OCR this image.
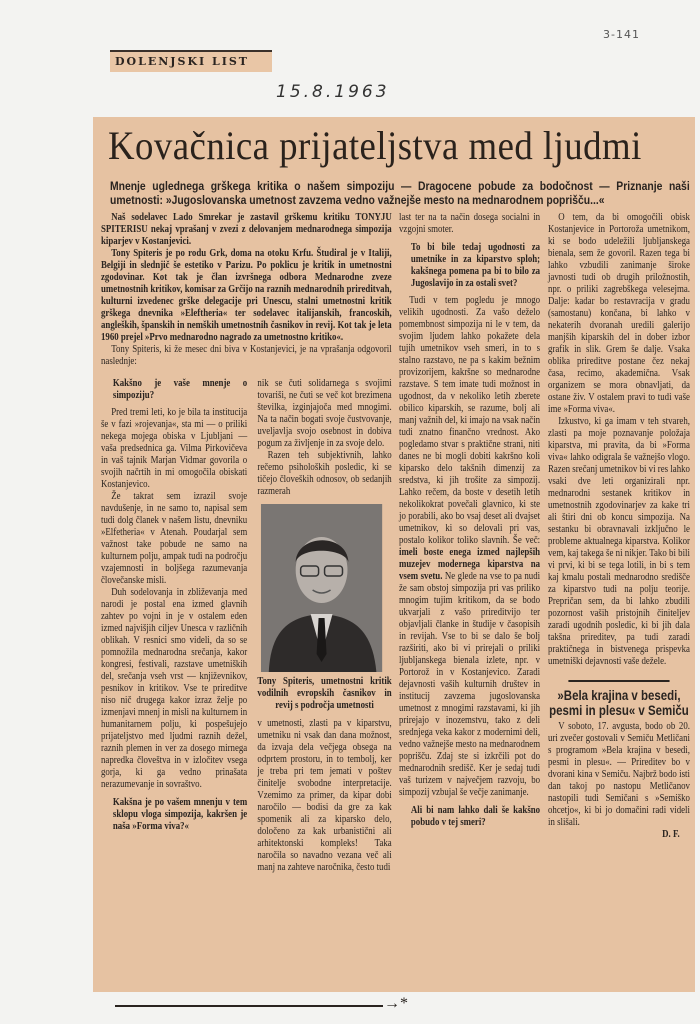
3-141
DOLENJSKI LIST
15.8.1963
Kovačnica prijateljstva med ljudmi
Mnenje uglednega grškega kritika o našem simpoziju — Dragocene pobude za bodočnost — Priznanje naši umetnosti: »Jugoslovanska umetnost zavzema vedno važnejše mesto na mednarodnem poprišču...«

Naš sodelavec Lado Smrekar je zastavil grškemu kritiku TONYJU SPITERISU nekaj vprašanj v zvezi z delovanjem mednarodnega simpozija kiparjev v Kostanjevici.

Tony Spiteris je po rodu Grk, doma na otoku Krfu. Študiral je v Italiji, Belgiji in slednjič še estetiko v Parizu. Po poklicu je kritik in umetnostni zgodovinar. Kot tak je član izvršnega odbora Mednarodne zveze umetnostnih kritikov, komisar za Grčijo na raznih mednarodnih prireditvah, kulturni izvedenec grške delegacije pri Unescu, stalni umetnostni kritik grškega dnevnika »Eleftheria« ter sodelavec italijanskih, francoskih, angleških, španskih in nemških umetnostnih časnikov in revij. Kot tak je leta 1960 prejel »Prvo mednarodno nagrado za umetnostno kritiko«.

Tony Spiteris, ki že mesec dni biva v Kostanjevici, je na vprašanja odgovoril naslednje:

Kakšno je vaše mnenje o simpoziju?

Pred tremi leti, ko je bila ta institucija še v fazi »rojevanja«, sta mi — o priliki nekega mojega obiska v Ljubljani — vaša predsednica ga. Vilma Pirkovičeva in vaš tajnik Marjan Vidmar govorila o svojih načrtih in mi omogočila obiskati Kostanjevico.

Že takrat sem izrazil svoje navdušenje, in ne samo to, napisal sem tudi dolg članek v našem listu, dnevniku »Elfetheria« v Atenah. Poudarjal sem važnost take pobude ne samo na kulturnem polju, ampak tudi na področju vzajemnosti in boljšega razumevanja človečanske misli.

Duh sodelovanja in zbliževanja med narodi je postal ena izmed glavnih zahtev po vojni in je v ostalem eden izmed najvišjih ciljev Unesca v različnih oblikah. V resnici smo videli, da so se pomnožila mednarodna srečanja, kakor kongresi, festivali, razstave umetniških del, srečanja vseh vrst — književnikov, pesnikov in kritikov. Vse te prireditve niso nič drugega kakor izraz želje po izmenjavi mnenj in misli na kulturnem in humanitarnem polju, ki pospešujejo prijateljstvo med ljudmi raznih dežel, raznih plemen in ver za dosego mirnega napredka človeštva in v izločitev vsega gorja, ki ga vedno prinašata nerazumevanje in sovraštvo.

Kakšna je po vašem mnenju v tem sklopu vloga simpozija, kakršen je naša »Forma viva?«

nik se čuti solidarnega s svojimi tovariši, ne čuti se več kot brezimena številka, izginjajoča med mnogimi. Na ta način bogati svoje čustvovanje, uveljavlja svojo osebnost in dobiva pogum za življenje in za svoje delo.

Razen teh subjektivnih, lahko rečemo psiholoških posledic, ki se tičejo človeških odnosov, ob sedanjih razmerah

Tony Spiteris, umetnostni kritik vodilnih evropskih časnikov in revij s področja umetnosti

v umetnosti, zlasti pa v kiparstvu, umetniku ni vsak dan dana možnost, da izvaja dela večjega obsega na odprtem prostoru, in to tembolj, ker je treba pri tem jemati v poštev činitelje svobodne interpretacije. Vzemimo za primer, da kipar dobi naročilo — bodisi da gre za kak spomenik ali za kiparsko delo, določeno za kak urbanistični ali arhitektonski kompleks! Taka naročila so navadno vezana več ali manj na zahteve naročnika, često tudi

last ter na ta način dosega socialni in vzgojni smoter.

To bi bile tedaj ugodnosti za umetnike in za kiparstvo sploh; kakšnega pomena pa bi to bilo za Jugoslavijo in za ostali svet?

Tudi v tem pogledu je mnogo velikih ugodnosti. Za vašo deželo pomembnost simpozija ni le v tem, da svojim ljudem lahko pokažete dela tujih umetnikov vseh smeri, in to s stalno razstavo, ne pa s kakim bežnim provizorijem, kakršne so mednarodne razstave. S tem imate tudi možnost in ugodnost, da v nekoliko letih zberete obilico kiparskih, se razume, bolj ali manj važnih del, ki imajo na vsak način tudi znatno finančno vrednost. Ako pogledamo stvar s praktične strani, niti danes ne bi mogli dobiti kakršno koli kiparsko delo takšnih dimenzij za sredstva, ki jih trošite za simpozij. Lahko rečem, da boste v desetih letih nekolikokrat povečali glavnico, ki ste jo porabili, ako bo vsaj deset ali dvajset umetnikov, ki so delovali pri vas, postalo kolikor toliko slavnih. Še več: imeli boste enega izmed najlepših muzejev modernega kiparstva na vsem svetu. Ne glede na vse to pa nudi že sam obstoj simpozija pri vas priliko mnogim tujim kritikom, da se bodo ukvarjali z vašo prireditvijo ter objavljali članke in študije v časopisih in revijah. Vse to bi se dalo še bolj razširiti, ako bi vi prirejali o priliki ljubljanskega bienala izlete, npr. v Portorož in v Kostanjevico. Zaradi dejavnosti vaših kulturnih društev in institucij zavzema jugoslovanska umetnost z mnogimi razstavami, ki jih prirejajo v inozemstvu, tako z deli srednjega veka kakor z modernimi deli, vedno važnejše mesto na mednarodnem poprišču. Zdaj ste si izkrčili pot do mednarodnih središč. Ker je sedaj tudi vaš turizem v največjem razvoju, bo simpozij vzbujal še večje zanimanje.

Ali bi nam lahko dali še kakšno pobudo v tej smeri?

O tem, da bi omogočili obisk Kostanjevice in Portoroža umetnikom, ki se bodo udeležili ljubljanskega bienala, sem že govoril. Razen tega bi lahko vzbudili zanimanje široke javnosti tudi ob drugih priložnostih, npr. o priliki zagrebškega velesejma. Dalje: kadar bo restavracija v gradu (samostanu) končana, bi lahko v nekaterih dvoranah uredili galerijo manjših kiparskih del in dober izbor grafik in slik. Grem še dalje. Vsaka oblika prireditve postane čez nekaj časa, recimo, akademična. Vsak organizem se mora obnavljati, da ostane živ. V ostalem pravi to tudi vaše ime »Forma viva«.

Izkustvo, ki ga imam v teh stvareh, zlasti pa moje poznavanje položaja kiparstva, mi pravita, da bi »Forma viva« lahko odigrala še važnejšo vlogo. Razen srečanj umetnikov bi vi res lahko vsaki dve leti organizirali npr. mednarodni sestanek kritikov in umetnostnih zgodovinarjev za kake tri ali štiri dni ob koncu simpozija. Na sestanku bi obravnavali izključno le probleme aktualnega kiparstva. Kolikor vem, kaj takega še ni nikjer. Tako bi bili vi prvi, ki bi se tega lotili, in bi s tem kaj kmalu postali mednarodno središče za kiparstvo tudi na polju teorije. Prepričan sem, da bi lahko zbudili pozornost vaših pristojnih činiteljev zaradi ugodnih posledic, ki bi jih dala takšna prireditev, pa tudi zaradi praktičnega in bistvenega prispevka umetniški dejavnosti vaše dežele.

»Bela krajina v besedi, pesmi in plesu« v Semiču

V soboto, 17. avgusta, bodo ob 20. uri zvečer gostovali v Semiču Metličani s programom »Bela krajina v besedi, pesmi in plesu«. — Prireditev bo v dvorani kina v Semiču. Najbrž bodo isti dan takoj po nastopu Metličanov nastopili tudi Semičani s »Semiško ohcetjo«, ki bi jo domačini radi videli in slišali.

D. F.
→*
